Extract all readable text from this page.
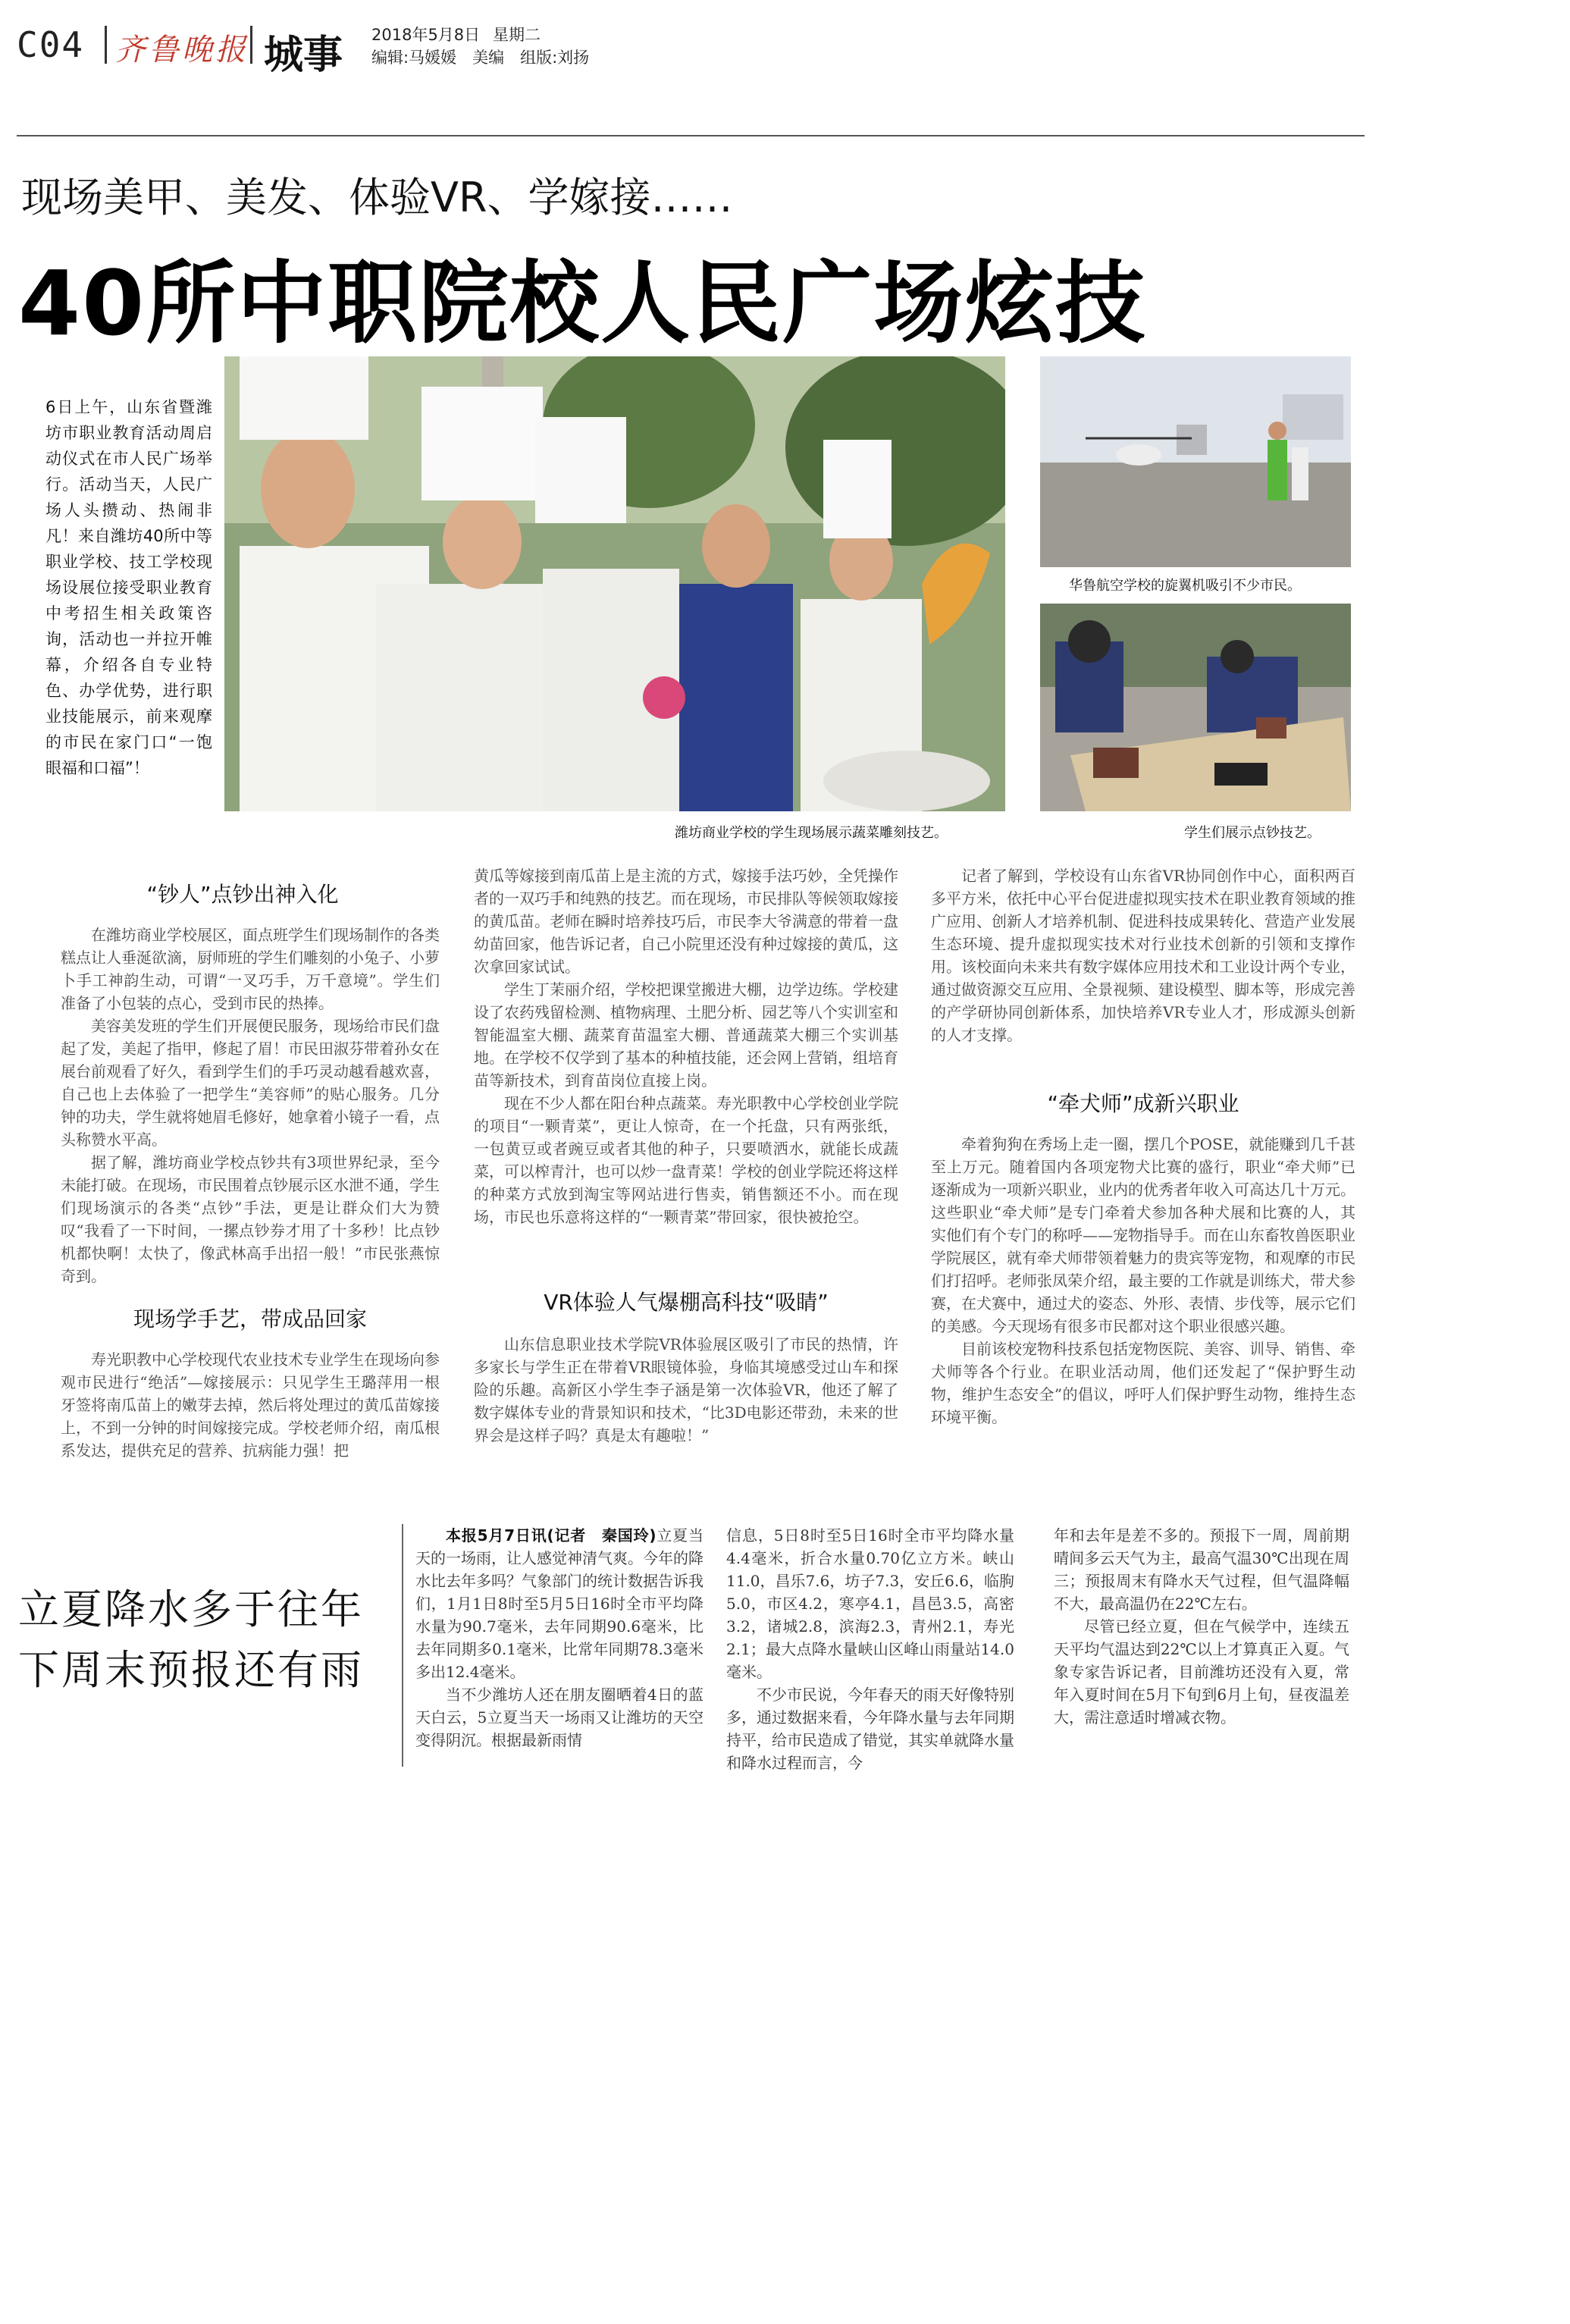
C04 齐鲁晚报 城事 2018年5月8日 星期二
编辑:马媛媛　美编　组版:刘扬
现场美甲、美发、体验VR、学嫁接……
40所中职院校人民广场炫技
6日上午，山东省暨潍坊市职业教育活动周启动仪式在市人民广场举行。活动当天，人民广场人头攒动、热闹非凡！来自潍坊40所中等职业学校、技工学校现场设展位接受职业教育中考招生相关政策咨询，活动也一并拉开帷幕，介绍各自专业特色、办学优势，进行职业技能展示，前来观摩的市民在家门口“一饱眼福和口福”！
潍坊商业学校的学生现场展示蔬菜雕刻技艺。
华鲁航空学校的旋翼机吸引不少市民。
学生们展示点钞技艺。
“钞人”点钞出神入化

在潍坊商业学校展区，面点班学生们现场制作的各类糕点让人垂涎欲滴，厨师班的学生们雕刻的小兔子、小萝卜手工神韵生动，可谓“一叉巧手，万千意境”。学生们准备了小包装的点心，受到市民的热捧。

美容美发班的学生们开展便民服务，现场给市民们盘起了发，美起了指甲，修起了眉！市民田淑芬带着孙女在展台前观看了好久，看到学生们的手巧灵动越看越欢喜，自己也上去体验了一把学生“美容师”的贴心服务。几分钟的功夫，学生就将她眉毛修好，她拿着小镜子一看，点头称赞水平高。

据了解，潍坊商业学校点钞共有3项世界纪录，至今未能打破。在现场，市民围着点钞展示区水泄不通，学生们现场演示的各类“点钞”手法，更是让群众们大为赞叹“我看了一下时间，一摞点钞券才用了十多秒！比点钞机都快啊！太快了，像武林高手出招一般！”市民张燕惊奇到。

现场学手艺，带成品回家

寿光职教中心学校现代农业技术专业学生在现场向参观市民进行“绝活”—嫁接展示：只见学生王璐萍用一根牙签将南瓜苗上的嫩芽去掉，然后将处理过的黄瓜苗嫁接上，不到一分钟的时间嫁接完成。学校老师介绍，南瓜根系发达，提供充足的营养、抗病能力强！把

黄瓜等嫁接到南瓜苗上是主流的方式，嫁接手法巧妙，全凭操作者的一双巧手和纯熟的技艺。而在现场，市民排队等候领取嫁接的黄瓜苗。老师在瞬时培养技巧后，市民李大爷满意的带着一盘幼苗回家，他告诉记者，自己小院里还没有种过嫁接的黄瓜，这次拿回家试试。

学生丁茉丽介绍，学校把课堂搬进大棚，边学边练。学校建设了农药残留检测、植物病理、土肥分析、园艺等八个实训室和智能温室大棚、蔬菜育苗温室大棚、普通蔬菜大棚三个实训基地。在学校不仅学到了基本的种植技能，还会网上营销，组培育苗等新技术，到育苗岗位直接上岗。

现在不少人都在阳台种点蔬菜。寿光职教中心学校创业学院的项目“一颗青菜”，更让人惊奇，在一个托盘，只有两张纸，一包黄豆或者豌豆或者其他的种子，只要喷洒水，就能长成蔬菜，可以榨青汁，也可以炒一盘青菜！学校的创业学院还将这样的种菜方式放到淘宝等网站进行售卖，销售额还不小。而在现场，市民也乐意将这样的“一颗青菜”带回家，很快被抢空。

VR体验人气爆棚高科技“吸睛”

山东信息职业技术学院VR体验展区吸引了市民的热情，许多家长与学生正在带着VR眼镜体验，身临其境感受过山车和探险的乐趣。高新区小学生李子涵是第一次体验VR，他还了解了数字媒体专业的背景知识和技术，“比3D电影还带劲，未来的世界会是这样子吗？真是太有趣啦！”

记者了解到，学校设有山东省VR协同创作中心，面积两百多平方米，依托中心平台促进虚拟现实技术在职业教育领域的推广应用、创新人才培养机制、促进科技成果转化、营造产业发展生态环境、提升虚拟现实技术对行业技术创新的引领和支撑作用。该校面向未来共有数字媒体应用技术和工业设计两个专业，通过做资源交互应用、全景视频、建设模型、脚本等，形成完善的产学研协同创新体系，加快培养VR专业人才，形成源头创新的人才支撑。

“牵犬师”成新兴职业

牵着狗狗在秀场上走一圈，摆几个POSE，就能赚到几千甚至上万元。随着国内各项宠物犬比赛的盛行，职业“牵犬师”已逐渐成为一项新兴职业，业内的优秀者年收入可高达几十万元。这些职业“牵犬师”是专门牵着犬参加各种犬展和比赛的人，其实他们有个专门的称呼——宠物指导手。而在山东畜牧兽医职业学院展区，就有牵犬师带领着魅力的贵宾等宠物，和观摩的市民们打招呼。老师张凤荣介绍，最主要的工作就是训练犬，带犬参赛，在犬赛中，通过犬的姿态、外形、表情、步伐等，展示它们的美感。今天现场有很多市民都对这个职业很感兴趣。

目前该校宠物科技系包括宠物医院、美容、训导、销售、牵犬师等各个行业。在职业活动周，他们还发起了“保护野生动物，维护生态安全”的倡议，呼吁人们保护野生动物，维持生态环境平衡。

立夏降水多于往年
下周末预报还有雨

本报5月7日讯(记者　秦国玲)立夏当天的一场雨，让人感觉神清气爽。今年的降水比去年多吗？气象部门的统计数据告诉我们，1月1日8时至5月5日16时全市平均降水量为90.7毫米，去年同期90.6毫米，比去年同期多0.1毫米，比常年同期78.3毫米多出12.4毫米。

当不少潍坊人还在朋友圈晒着4日的蓝天白云，5立夏当天一场雨又让潍坊的天空变得阴沉。根据最新雨情

信息，5日8时至5日16时全市平均降水量4.4毫米，折合水量0.70亿立方米。峡山11.0，昌乐7.6，坊子7.3，安丘6.6，临朐5.0，市区4.2，寒亭4.1，昌邑3.5，高密3.2，诸城2.8，滨海2.3，青州2.1，寿光2.1；最大点降水量峡山区峰山雨量站14.0毫米。

不少市民说，今年春天的雨天好像特别多，通过数据来看，今年降水量与去年同期持平，给市民造成了错觉，其实单就降水量和降水过程而言，今

年和去年是差不多的。预报下一周，周前期晴间多云天气为主，最高气温30℃出现在周三；预报周末有降水天气过程，但气温降幅不大，最高温仍在22℃左右。

尽管已经立夏，但在气候学中，连续五天平均气温达到22℃以上才算真正入夏。气象专家告诉记者，目前潍坊还没有入夏，常年入夏时间在5月下旬到6月上旬，昼夜温差大，需注意适时增减衣物。
